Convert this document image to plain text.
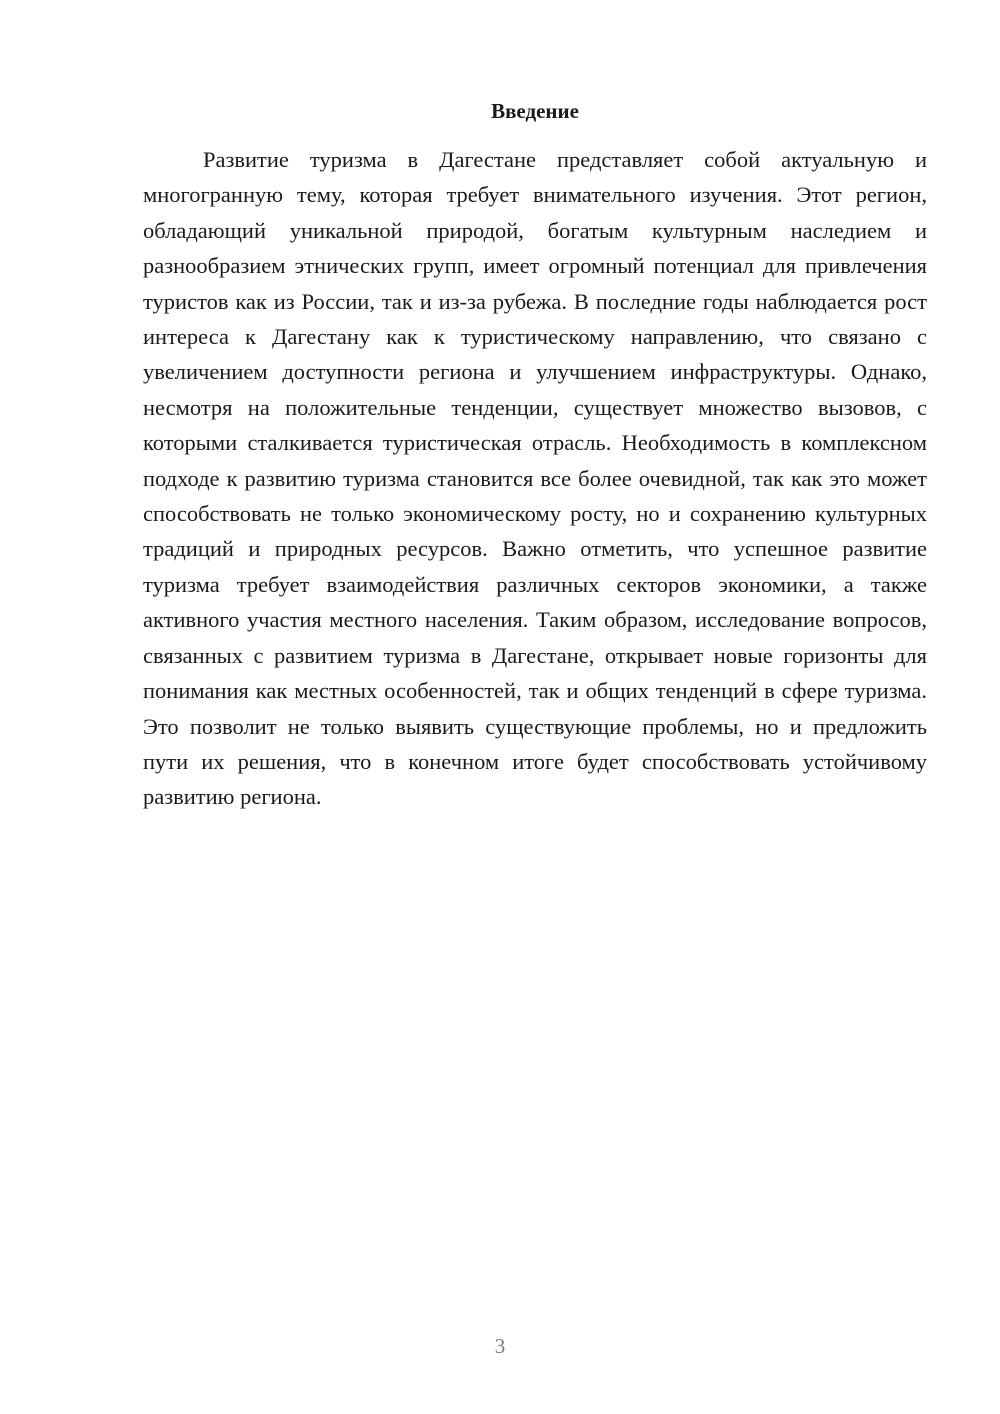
Введение

Развитие туризма в Дагестане представляет собой актуальную и многогранную тему, которая требует внимательного изучения. Этот регион, обладающий уникальной природой, богатым культурным наследием и разнообразием этнических групп, имеет огромный потенциал для привлечения туристов как из России, так и из-за рубежа. В последние годы наблюдается рост интереса к Дагестану как к туристическому направлению, что связано с увеличением доступности региона и улучшением инфраструктуры. Однако, несмотря на положительные тенденции, существует множество вызовов, с которыми сталкивается туристическая отрасль. Необходимость в комплексном подходе к развитию туризма становится все более очевидной, так как это может способствовать не только экономическому росту, но и сохранению культурных традиций и природных ресурсов. Важно отметить, что успешное развитие туризма требует взаимодействия различных секторов экономики, а также активного участия местного населения. Таким образом, исследование вопросов, связанных с развитием туризма в Дагестане, открывает новые горизонты для понимания как местных особенностей, так и общих тенденций в сфере туризма. Это позволит не только выявить существующие проблемы, но и предложить пути их решения, что в конечном итоге будет способствовать устойчивому развитию региона.

3
